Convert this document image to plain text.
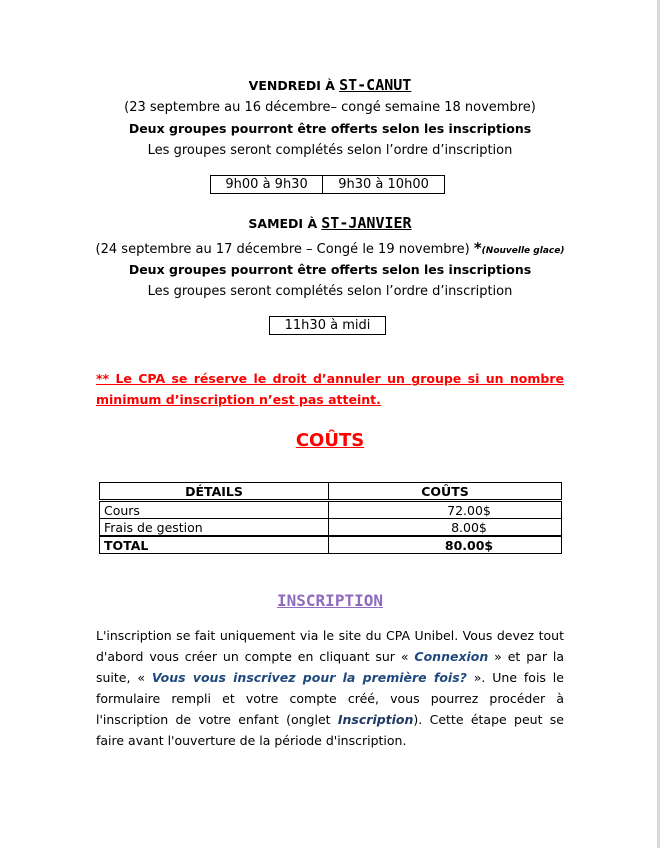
VENDREDI À ST-CANUT
(23 septembre au 16 décembre– congé semaine 18 novembre)
Deux groupes pourront être offerts selon les inscriptions
Les groupes seront complétés selon l’ordre d’inscription
9h00 à 9h30	9h30 à 10h00
SAMEDI À ST-JANVIER
(24 septembre au 17 décembre – Congé le 19 novembre) *(Nouvelle glace)
Deux groupes pourront être offerts selon les inscriptions
Les groupes seront complétés selon l’ordre d’inscription
11h30 à midi
** Le CPA se réserve le droit d’annuler un groupe si un nombre minimum d’inscription n’est pas atteint.
COÛTS
DÉTAILS	COÛTS
Cours	72.00$
Frais de gestion	8.00$
TOTAL	80.00$
INSCRIPTION
L'inscription se fait uniquement via le site du CPA Unibel. Vous devez tout d'abord vous créer un compte en cliquant sur « Connexion » et par la suite, « Vous vous inscrivez pour la première fois? ». Une fois le formulaire rempli et votre compte créé, vous pourrez procéder à l'inscription de votre enfant (onglet Inscription). Cette étape peut se faire avant l'ouverture de la période d'inscription.
